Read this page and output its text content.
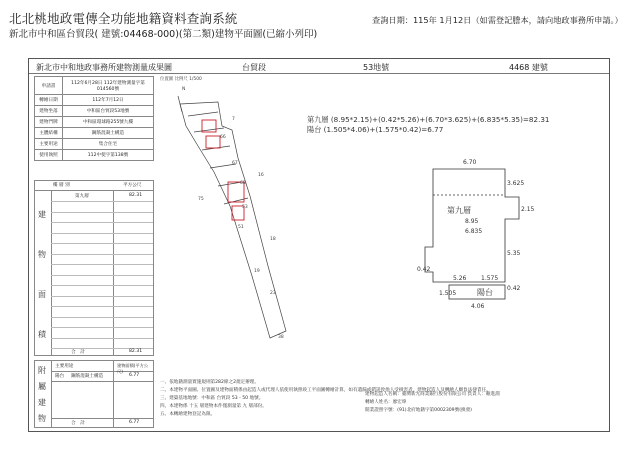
北北桃地政電傳全功能地籍資料查詢系統
新北市中和區台貿段( 建號:04468-000)(第二類)建物平面圖(已縮小列印)
查詢日期：115年 1月12日（如需登記謄本，請向地政事務所申請。）
新北市中和地政事務所建物測量成果圖	台貿段	53地號	4468 建號
申請書	112年6月28日 112年建物測量字第014560號
轉繪日期	112年7月12日
建物坐落	中和區台貿段53地號
建物門牌	中和區環球路255號九樓
主體結構	鋼筋混凝土構造
主要用途	集合住宅
使用執照	112中使字第138號
樓 層 別	平方公尺
第九層	82.31
建
物
面
積
合　計	82.31
主要用途	建物面積(平方公尺)
陽台 鋼筋混凝土構造	6.77
附
屬
建
物
合　計	6.77
位置圖 比例尺 1/500
N
7
66
67
68
53
51
75
18
23
38
19
16
第九層 (8.95*2.15)+(0.42*5.26)+(6.70*3.625)+(6.835*5.35)=82.31
陽台 (1.505*4.06)+(1.575*0.42)=6.77
6.70
3.625
2.15
第九層
8.95
6.835
5.35
0.42
5.26 1.575
0.42
陽台
1.505
4.06
一、依地籍測量實施規則第282條之2規定辦理。
二、本建物平面圖、位置圖及建物面積係由起造人或代理人依使用執照竣工平面圖轉繪計算，如有遺漏或錯誤致他人受損害者，建物起造人及轉繪人願負法律責任。
三、建築基地地號：中和區 台貿段 53 - 50 地號。
四、本建物係 十五 層建物本件僅測量第 九 層部份。
五、本轉繪建物登記為限。
建物起造人名稱：臺灣新光商業銀行股份有限公司 負責人：賴進淵
轉繪人姓名：廖宏瑋
開業證照字號：(91)北府地籍字第0002309號(換發)
